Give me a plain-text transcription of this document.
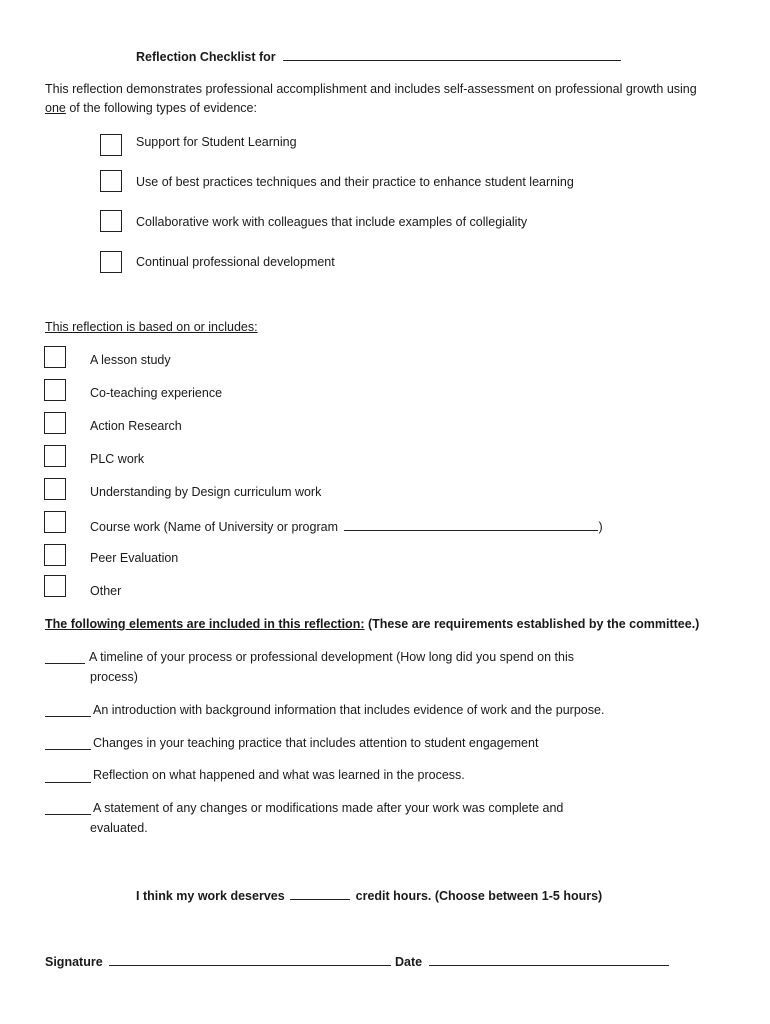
Reflection Checklist for
This reflection demonstrates professional accomplishment and includes self-assessment on professional growth using
one of the following types of evidence:
Support for Student Learning
Use of best practices techniques and their practice to enhance student learning
Collaborative work with colleagues that include examples of collegiality
Continual professional development
This reflection is based on or includes:
A lesson study
Co-teaching experience
Action Research
PLC work
Understanding by Design curriculum work
Course work (Name of University or program	)
Peer Evaluation
Other
The following elements are included in this reflection: (These are requirements established by the committee.)
A timeline of your process or professional development (How long did you spend on this
process)
An introduction with background information that includes evidence of work and the purpose.
Changes in your teaching practice that includes attention to student engagement
Reflection on what happened and what was learned in the process.
A statement of any changes or modifications made after your work was complete and
evaluated.
I think my work deserves	credit hours. (Choose between 1-5 hours)
Signature	Date
